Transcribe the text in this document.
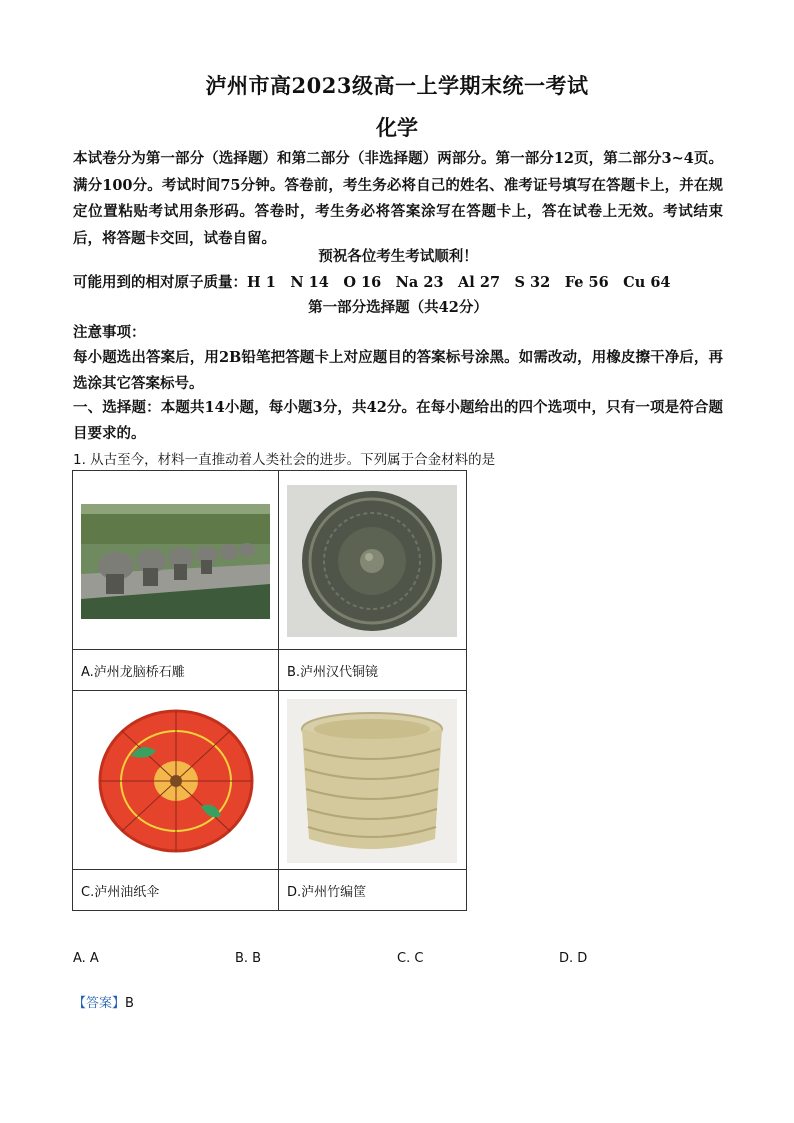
泸州市高2023级高一上学期末统一考试
化学
本试卷分为第一部分（选择题）和第二部分（非选择题）两部分。第一部分12页，第二部分3~4页。满分100分。考试时间75分钟。答卷前，考生务必将自己的姓名、准考证号填写在答题卡上，并在规定位置粘贴考试用条形码。答卷时，考生务必将答案涂写在答题卡上，答在试卷上无效。考试结束后，将答题卡交回，试卷自留。
预祝各位考生考试顺利！
可能用到的相对原子质量：H 1　N 14　O 16　Na 23　Al 27　S 32　Fe 56　Cu 64
第一部分选择题（共42分）
注意事项：
每小题选出答案后，用2B铅笔把答题卡上对应题目的答案标号涂黑。如需改动，用橡皮擦干净后，再选涂其它答案标号。
一、选择题：本题共14小题，每小题3分，共42分。在每小题给出的四个选项中，只有一项是符合题目要求的。
1. 从古至今，材料一直推动着人类社会的进步。下列属于合金材料的是

A.泸州龙脑桥石雕	B.泸州汉代铜镜

C.泸州油纸伞	D.泸州竹编筐
A. A	B. B	C. C	D. D
【答案】B
